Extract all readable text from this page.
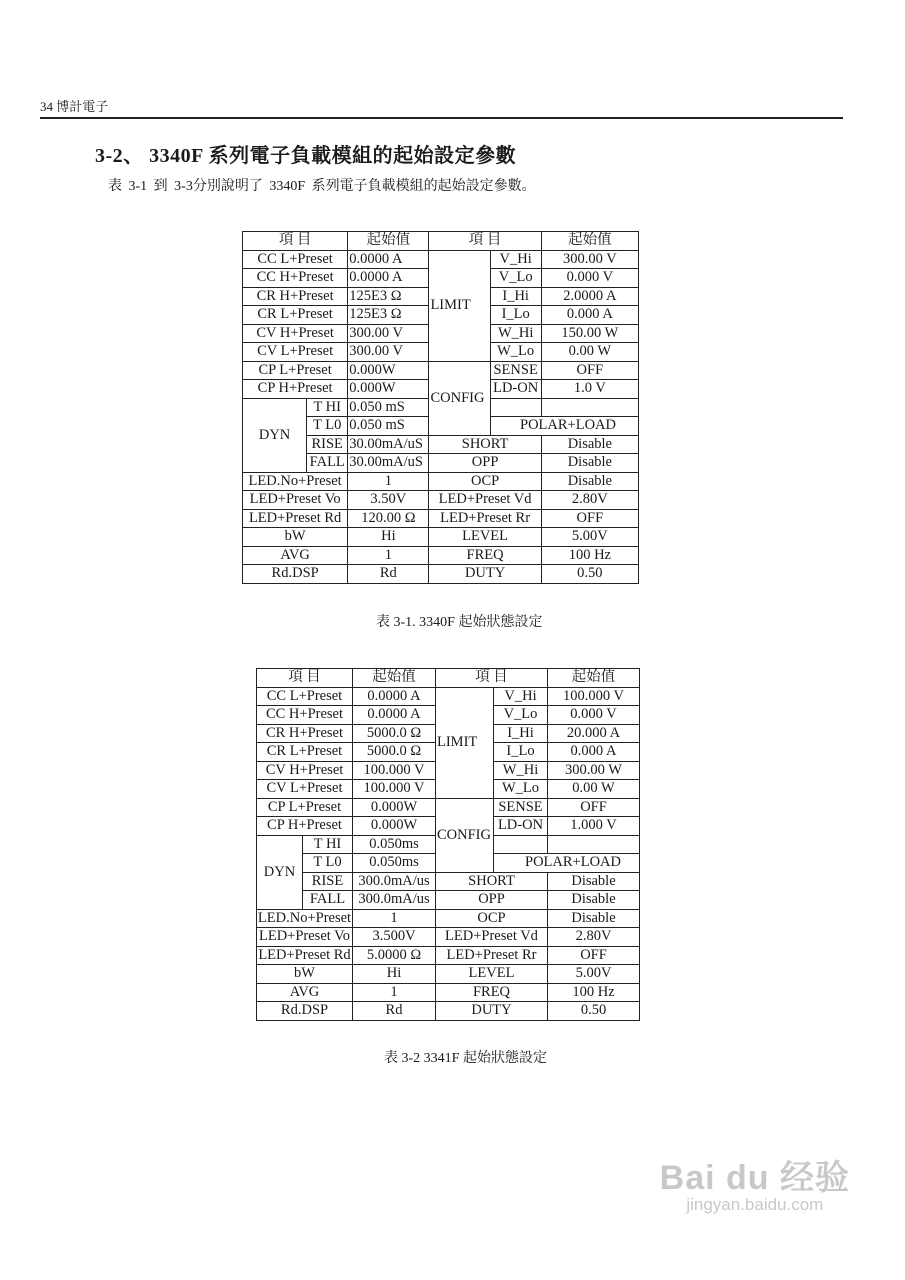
34 博計電子
3-2、 3340F 系列電子負載模組的起始設定參數
表 3-1 到 3-3分別說明了 3340F 系列電子負載模組的起始設定參數。
項 目		起始值	項 目		起始值
CC L+Preset		0.0000 A	LIMIT	V_Hi	300.00 V
CC H+Preset		0.0000 A		V_Lo	0.000 V
CR H+Preset		125E3 Ω		I_Hi	2.0000 A
CR L+Preset		125E3 Ω		I_Lo	0.000 A
CV H+Preset		300.00 V		W_Hi	150.00 W
CV L+Preset		300.00 V		W_Lo	0.00 W
CP L+Preset		0.000W	CONFIG	SENSE	OFF
CP H+Preset		0.000W		LD-ON	1.0 V
DYN	T HI	0.050 mS			
	T L0	0.050 mS		POLAR+LOAD	
	RISE	30.00mA/uS	SHORT		Disable
	FALL	30.00mA/uS	OPP		Disable
LED.No+Preset		1	OCP		Disable
LED+Preset Vo		3.50V	LED+Preset Vd		2.80V
LED+Preset Rd		120.00 Ω	LED+Preset Rr		OFF
bW		Hi	LEVEL		5.00V
AVG		1	FREQ		100 Hz
Rd.DSP		Rd	DUTY		0.50
表 3-1. 3340F 起始狀態設定
項 目		起始值	項 目		起始值
CC L+Preset		0.0000 A	LIMIT	V_Hi	100.000 V
CC H+Preset		0.0000 A		V_Lo	0.000 V
CR H+Preset		5000.0 Ω		I_Hi	20.000 A
CR L+Preset		5000.0 Ω		I_Lo	0.000 A
CV H+Preset		100.000 V		W_Hi	300.00 W
CV L+Preset		100.000 V		W_Lo	0.00 W
CP L+Preset		0.000W	CONFIG	SENSE	OFF
CP H+Preset		0.000W		LD-ON	1.000 V
DYN	T HI	0.050ms			
	T L0	0.050ms		POLAR+LOAD	
	RISE	300.0mA/us	SHORT		Disable
	FALL	300.0mA/us	OPP		Disable
LED.No+Preset		1	OCP		Disable
LED+Preset Vo		3.500V	LED+Preset Vd		2.80V
LED+Preset Rd		5.0000 Ω	LED+Preset Rr		OFF
bW		Hi	LEVEL		5.00V
AVG		1	FREQ		100 Hz
Rd.DSP		Rd	DUTY		0.50
表 3-2 3341F 起始狀態設定
Bai du 经验
jingyan.baidu.com
